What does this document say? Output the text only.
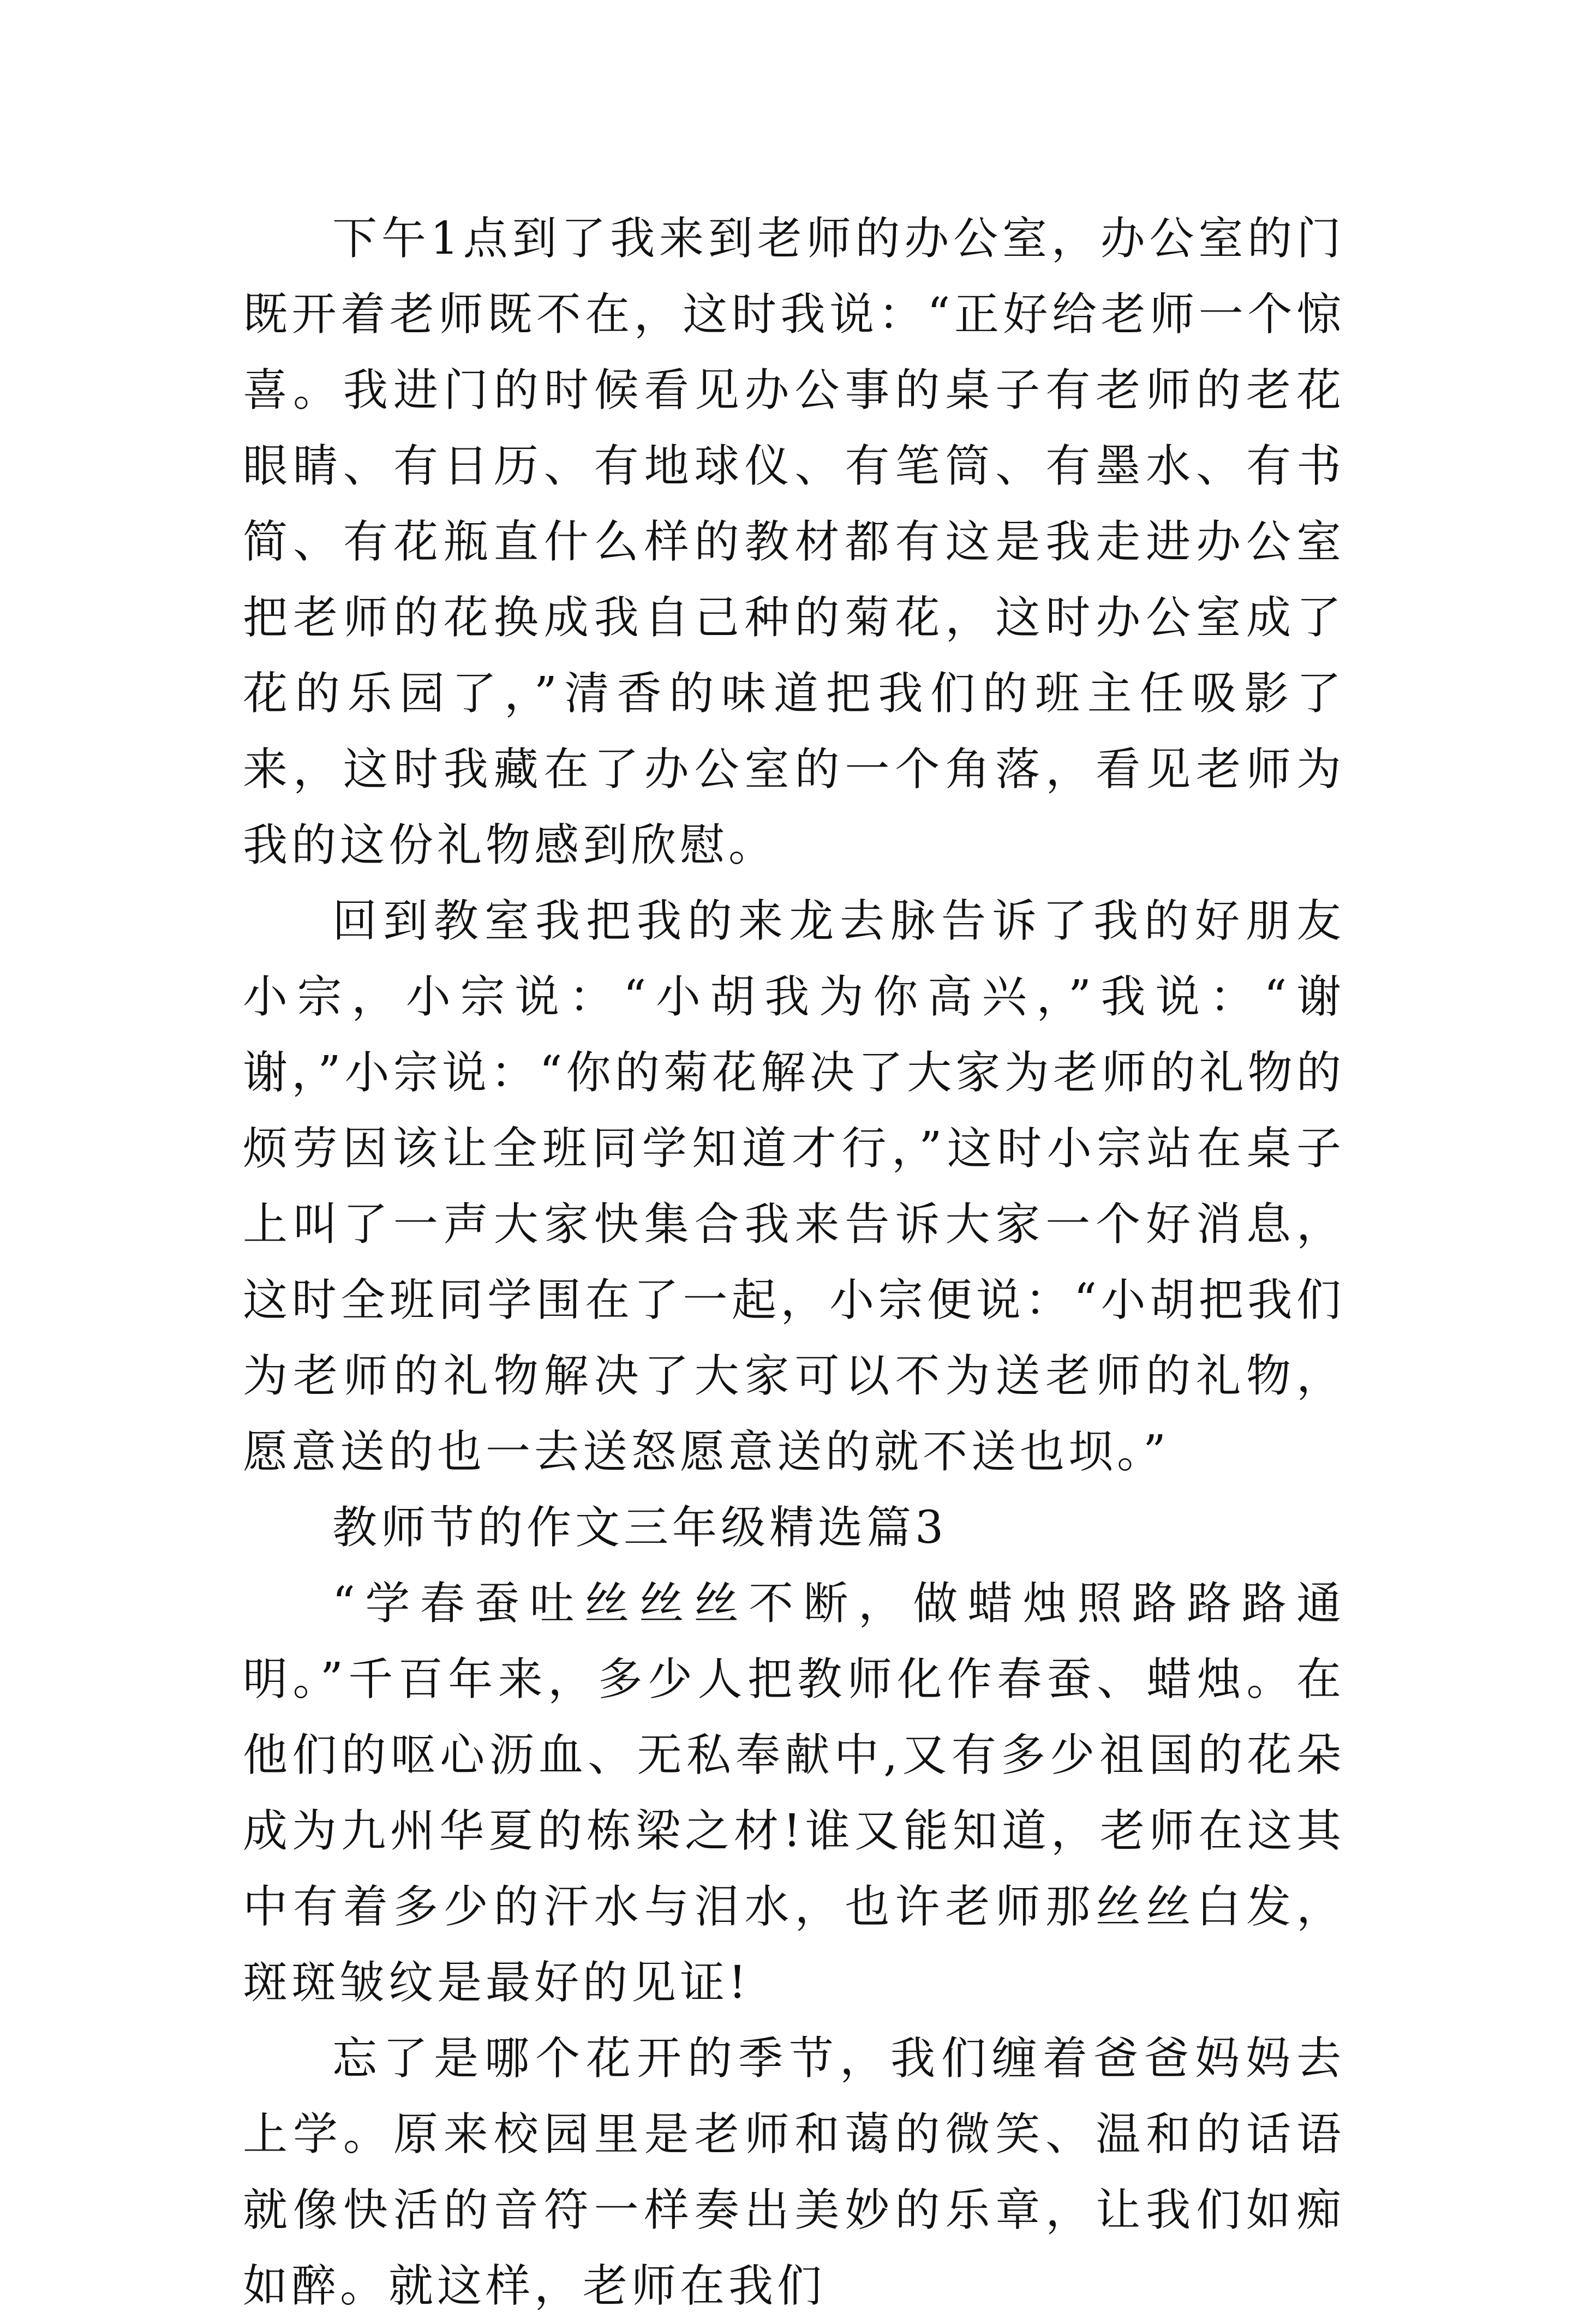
下午1点到了我来到老师的办公室，办公室的门既开着老师既不在，这时我说：“正好给老师一个惊喜。我进门的时候看见办公事的桌子有老师的老花眼睛、有日历、有地球仪、有笔筒、有墨水、有书简、有花瓶直什么样的教材都有这是我走进办公室把老师的花换成我自己种的菊花，这时办公室成了花的乐园了，”清香的味道把我们的班主任吸影了来，这时我藏在了办公室的一个角落，看见老师为我的这份礼物感到欣慰。

回到教室我把我的来龙去脉告诉了我的好朋友小宗，小宗说：“小胡我为你高兴，”我说：“谢谢，”小宗说：“你的菊花解决了大家为老师的礼物的烦劳因该让全班同学知道才行，”这时小宗站在桌子上叫了一声大家快集合我来告诉大家一个好消息，这时全班同学围在了一起，小宗便说：“小胡把我们为老师的礼物解决了大家可以不为送老师的礼物，愿意送的也一去送怒愿意送的就不送也坝。”

教师节的作文三年级精选篇3

“学春蚕吐丝丝丝不断，做蜡烛照路路路通明。”千百年来，多少人把教师化作春蚕、蜡烛。在他们的呕心沥血、无私奉献中,又有多少祖国的花朵成为九州华夏的栋梁之材!谁又能知道，老师在这其中有着多少的汗水与泪水，也许老师那丝丝白发，斑斑皱纹是最好的见证!

忘了是哪个花开的季节，我们缠着爸爸妈妈去上学。原来校园里是老师和蔼的微笑、温和的话语就像快活的音符一样奏出美妙的乐章，让我们如痴如醉。就这样，老师在我们
